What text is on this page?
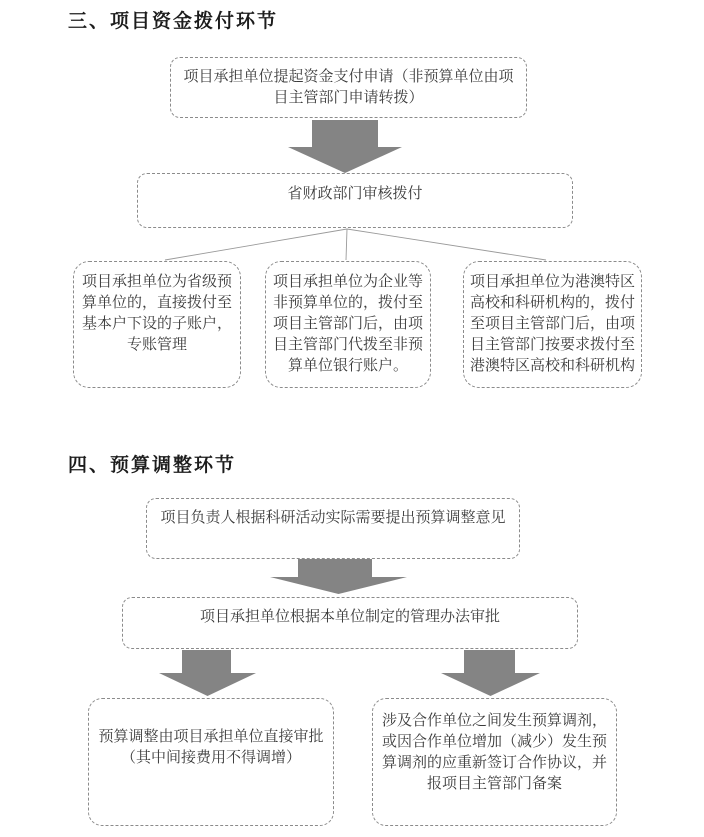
三、项目资金拨付环节
项目承担单位提起资金支付申请（非预算单位由项目主管部门申请转拨）
省财政部门审核拨付
项目承担单位为省级预算单位的，直接拨付至基本户下设的子账户，专账管理
项目承担单位为企业等非预算单位的，拨付至项目主管部门后，由项目主管部门代拨至非预算单位银行账户。
项目承担单位为港澳特区高校和科研机构的，拨付至项目主管部门后，由项目主管部门按要求拨付至港澳特区高校和科研机构
四、预算调整环节
项目负责人根据科研活动实际需要提出预算调整意见
项目承担单位根据本单位制定的管理办法审批
预算调整由项目承担单位直接审批（其中间接费用不得调增）
涉及合作单位之间发生预算调剂，或因合作单位增加（减少）发生预算调剂的应重新签订合作协议，并报项目主管部门备案
